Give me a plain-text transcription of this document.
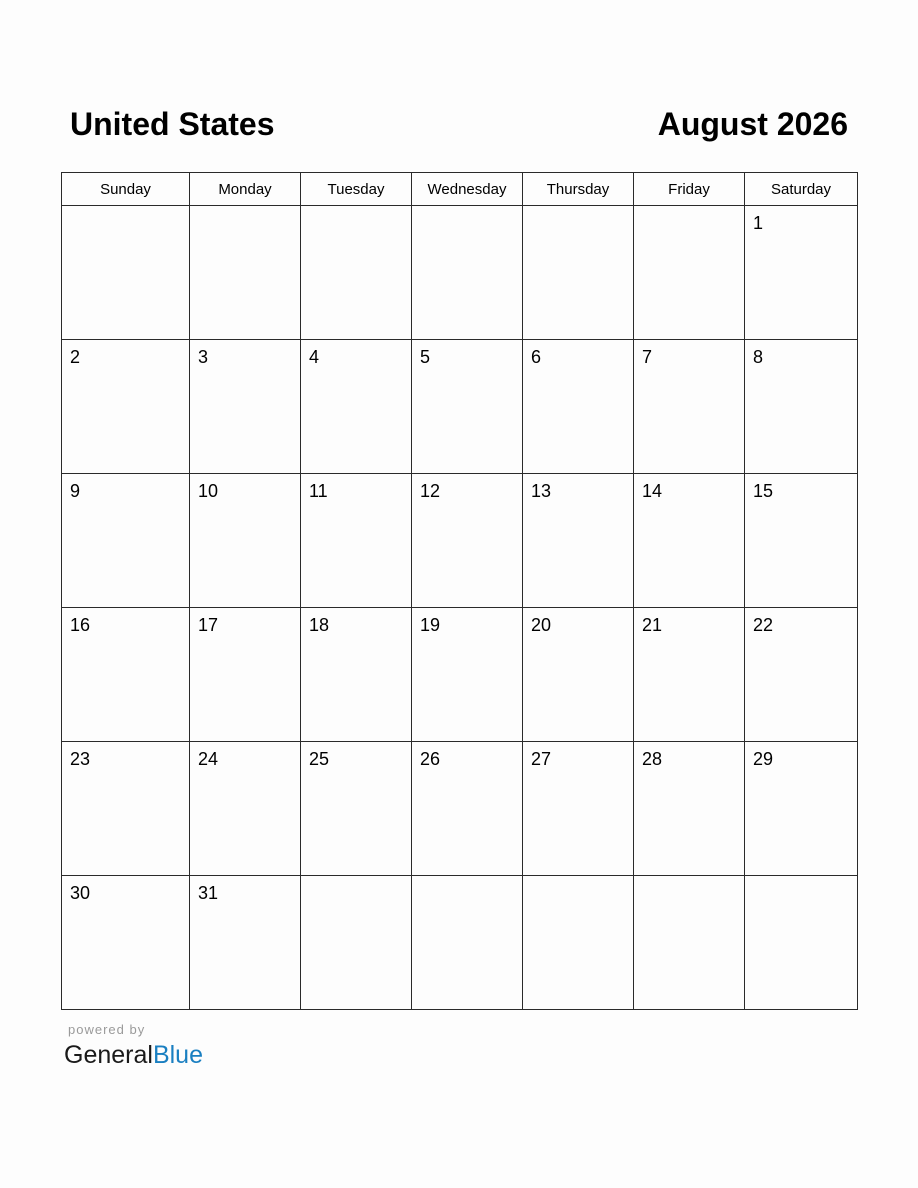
United States	August 2026
Sunday	Monday	Tuesday	Wednesday	Thursday	Friday	Saturday

						1

2	3	4	5	6	7	8

9	10	11	12	13	14	15

16	17	18	19	20	21	22

23	24	25	26	27	28	29

30	31					

powered by
GeneralBlue
